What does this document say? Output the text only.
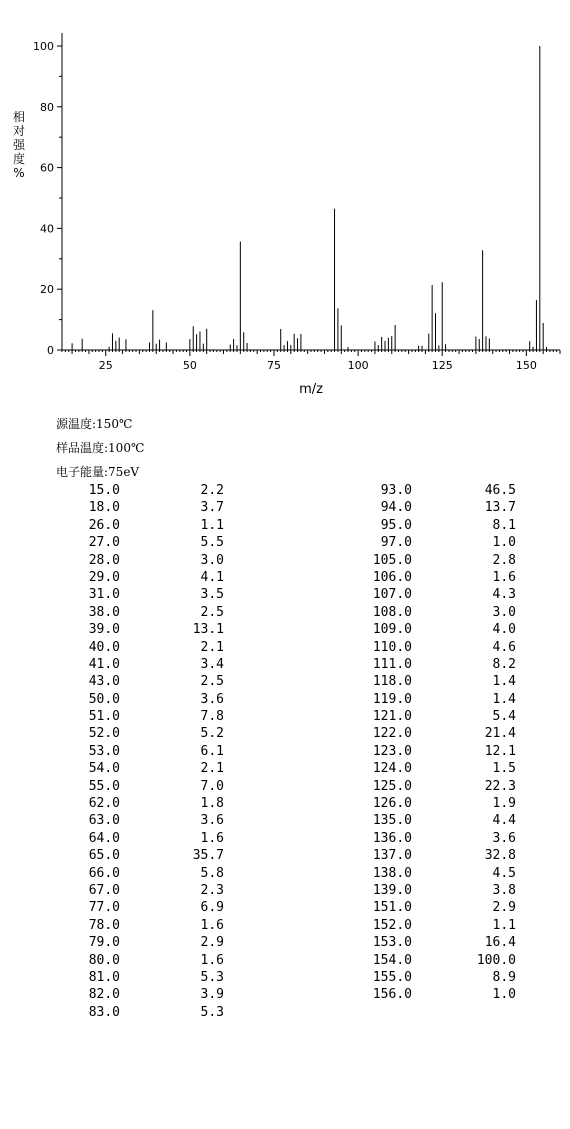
0
20
40
60
80
100
25	50	75	100	125	150
m/z
相
对
强
度
%
源温度:150℃
样品温度:100℃
电子能量:75eV
15.0	2.2
18.0	3.7
26.0	1.1
27.0	5.5
28.0	3.0
29.0	4.1
31.0	3.5
38.0	2.5
39.0	13.1
40.0	2.1
41.0	3.4
43.0	2.5
50.0	3.6
51.0	7.8
52.0	5.2
53.0	6.1
54.0	2.1
55.0	7.0
62.0	1.8
63.0	3.6
64.0	1.6
65.0	35.7
66.0	5.8
67.0	2.3
77.0	6.9
78.0	1.6
79.0	2.9
80.0	1.6
81.0	5.3
82.0	3.9
83.0	5.3
93.0	46.5
94.0	13.7
95.0	8.1
97.0	1.0
105.0	2.8
106.0	1.6
107.0	4.3
108.0	3.0
109.0	4.0
110.0	4.6
111.0	8.2
118.0	1.4
119.0	1.4
121.0	5.4
122.0	21.4
123.0	12.1
124.0	1.5
125.0	22.3
126.0	1.9
135.0	4.4
136.0	3.6
137.0	32.8
138.0	4.5
139.0	3.8
151.0	2.9
152.0	1.1
153.0	16.4
154.0	100.0
155.0	8.9
156.0	1.0
